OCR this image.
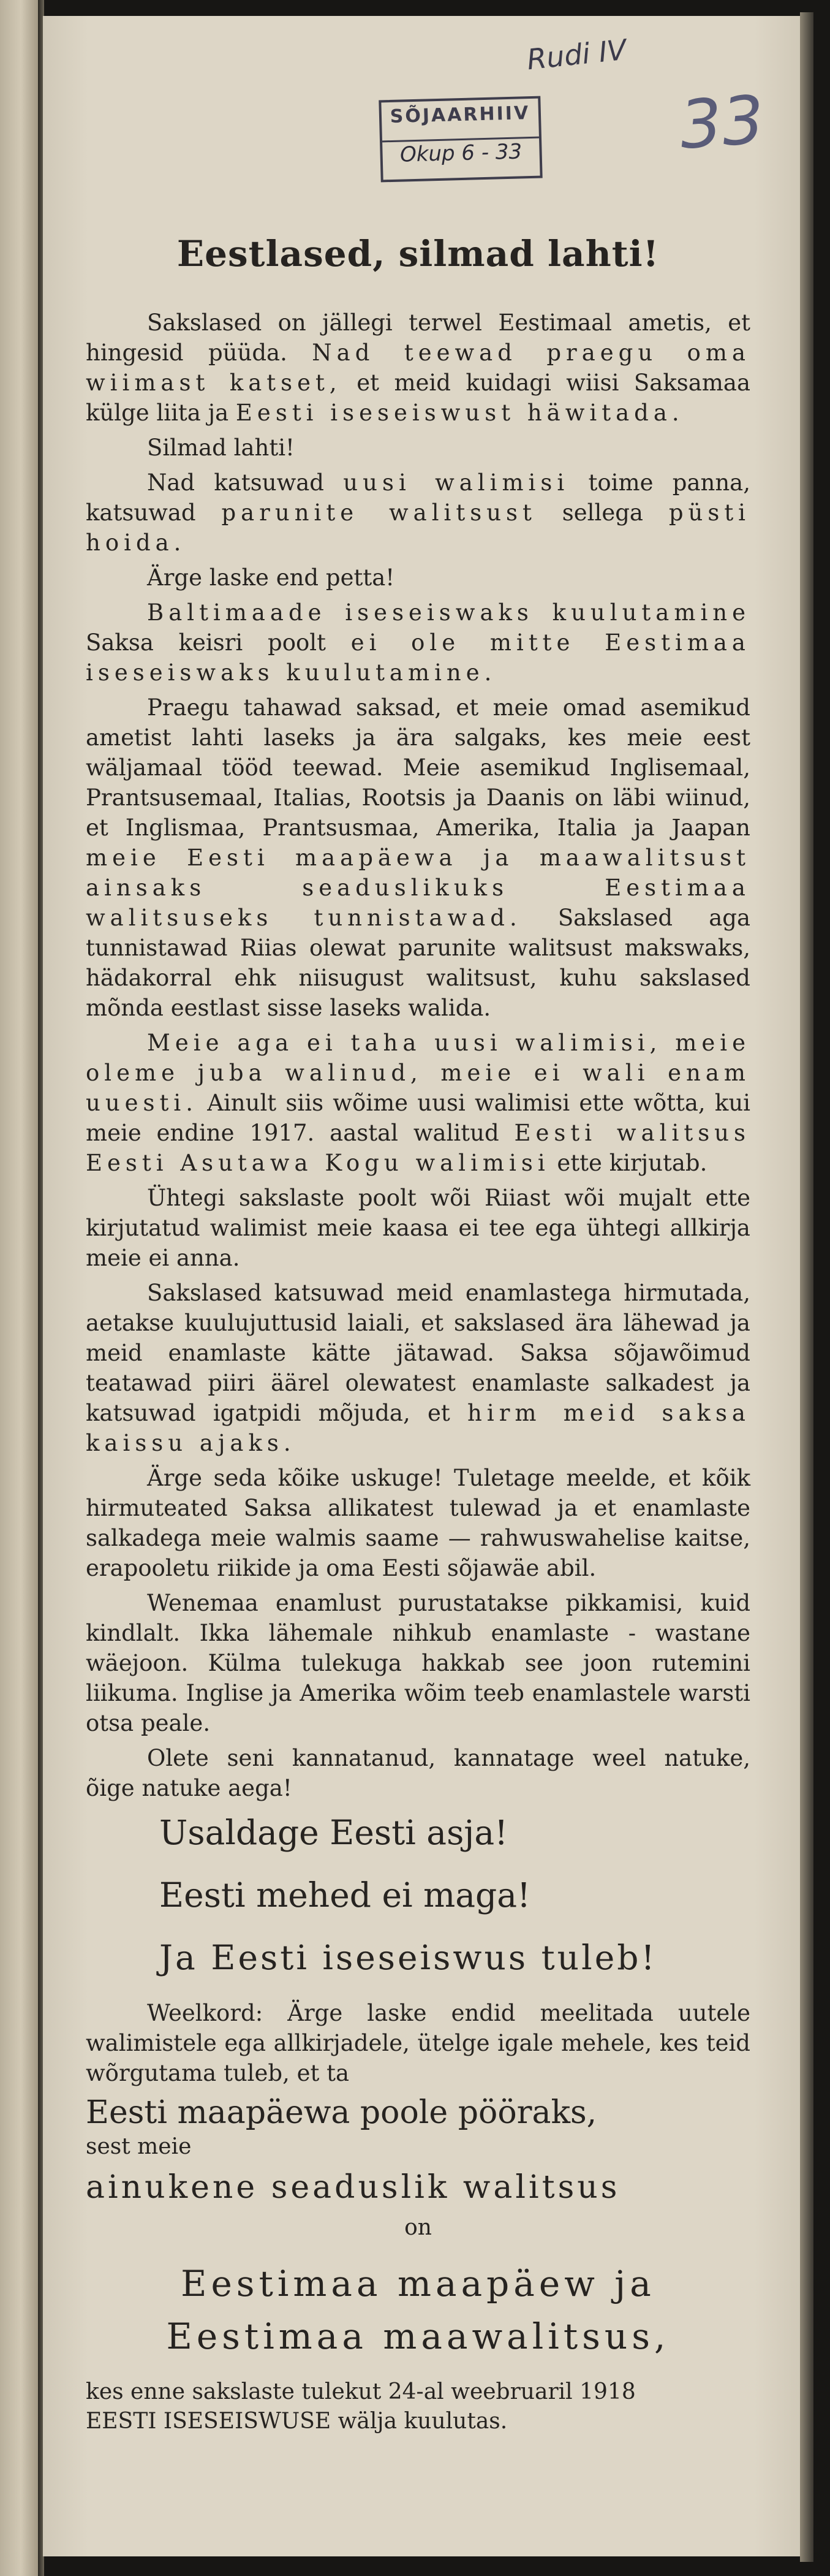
Rudi IV
33
SÕJAARHIIV
Okup 6 - 33
Eestlased, silmad lahti!

Sakslased on jällegi terwel Eestimaal ametis, et hingesid püüda. Nad teewad praegu oma wiimast katset, et meid kuidagi wiisi Saksamaa külge liita ja Eesti iseseiswust häwitada.

Silmad lahti!

Nad katsuwad uusi walimisi toime panna, katsuwad parunite walitsust sellega püsti hoida.

Ärge laske end petta!

Baltimaade iseseiswaks kuulutamine Saksa keisri poolt ei ole mitte Eestimaa iseseiswaks kuulutamine.

Praegu tahawad saksad, et meie omad asemikud ametist lahti laseks ja ära salgaks, kes meie eest wäljamaal tööd teewad. Meie asemikud Inglisemaal, Prantsusemaal, Italias, Rootsis ja Daanis on läbi wiinud, et Inglismaa, Prantsusmaa, Amerika, Italia ja Jaapan meie Eesti maapäewa ja maawalitsust ainsaks seaduslikuks Eestimaa walitsuseks tunnistawad. Sakslased aga tunnistawad Riias olewat parunite walitsust makswaks, hädakorral ehk niisugust walitsust, kuhu sakslased mõnda eestlast sisse laseks walida.

Meie aga ei taha uusi walimisi, meie oleme juba walinud, meie ei wali enam uuesti. Ainult siis wõime uusi walimisi ette wõtta, kui meie endine 1917. aastal walitud Eesti walitsus Eesti Asutawa Kogu walimisi ette kirjutab.

Ühtegi sakslaste poolt wõi Riiast wõi mujalt ette kirjutatud walimist meie kaasa ei tee ega ühtegi allkirja meie ei anna.

Sakslased katsuwad meid enamlastega hirmutada, aetakse kuulujuttusid laiali, et sakslased ära lähewad ja meid enamlaste kätte jätawad. Saksa sõjawõimud teatawad piiri äärel olewatest enamlaste salkadest ja katsuwad igatpidi mõjuda, et hirm meid saksa kaissu ajaks.

Ärge seda kõike uskuge! Tuletage meelde, et kõik hirmuteated Saksa allikatest tulewad ja et enamlaste salkadega meie walmis saame — rahwuswahelise kaitse, erapooletu riikide ja oma Eesti sõjawäe abil.

Wenemaa enamlust purustatakse pikkamisi, kuid kindlalt. Ikka lähemale nihkub enamlaste - wastane wäejoon. Külma tulekuga hakkab see joon rutemini liikuma. Inglise ja Amerika wõim teeb enamlastele warsti otsa peale.

Olete seni kannatanud, kannatage weel natuke, õige natuke aega!

Usaldage Eesti asja!
Eesti mehed ei maga!
Ja Eesti iseseiswus tuleb!

Weelkord: Ärge laske endid meelitada uutele walimistele ega allkirjadele, ütelge igale mehele, kes teid wõrgutama tuleb, et ta

Eesti maapäewa poole pööraks,

sest meie

ainukene seaduslik walitsus

on

Eestimaa maapäew ja

Eestimaa maawalitsus,

kes enne sakslaste tulekut 24-al weebruaril 1918

EESTI ISESEISWUSE wälja kuulutas.
